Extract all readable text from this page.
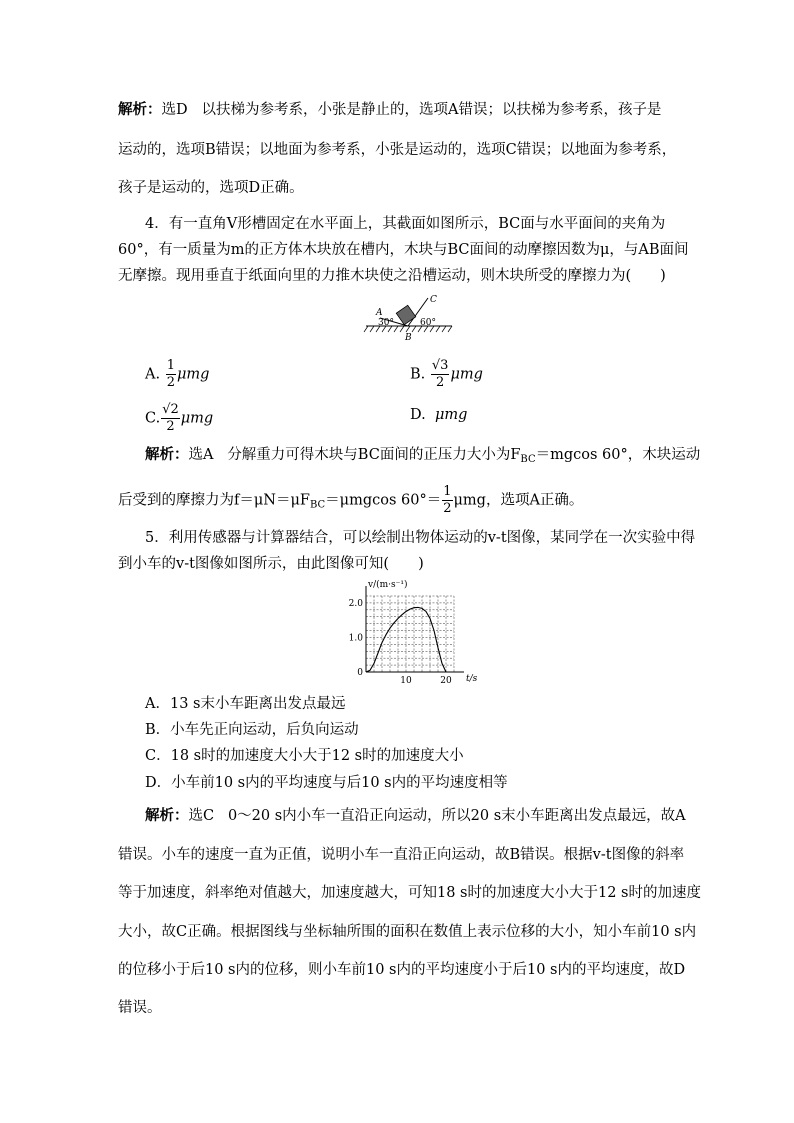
解析：选D 以扶梯为参考系，小张是静止的，选项A错误；以扶梯为参考系，孩子是
运动的，选项B错误；以地面为参考系，小张是运动的，选项C错误；以地面为参考系，
孩子是运动的，选项D正确。
4．有一直角V形槽固定在水平面上，其截面如图所示，BC面与水平面间的夹角为
60°，有一质量为m的正方体木块放在槽内，木块与BC面间的动摩擦因数为μ，与AB面间
无摩擦。现用垂直于纸面向里的力推木块使之沿槽运动，则木块所受的摩擦力为(　　)
A
C
B
30°	60°
A. $\frac{1}{2}$ μmg	B. $\frac{√3}{2}$ μmg
C. $\frac{√2}{2}$ μmg	D. μmg
解析：选A 分解重力可得木块与BC面间的正压力大小为$F_{BC}=mgcos$ 60°，木块运动
后受到的摩擦力为$f=\mu N=\mu F_{BC}=\mu mgcos$ $60^\circ= \frac{1}{2}$ μmg，选项A正确。
5．利用传感器与计算器结合，可以绘制出物体运动的v-t图像，某同学在一次实验中得
到小车的v-t图像如图所示，由此图像可知(　　)
v/(m·s⁻¹)
t/s
2.0
1.0
0
10	20
A．13 s末小车距离出发点最远
B．小车先正向运动，后负向运动
C．18 s时的加速度大小大于12 s时的加速度大小
D．小车前10 s内的平均速度与后10 s内的平均速度相等
解析：选C 0～20 s内小车一直沿正向运动，所以20 s末小车距离出发点最远，故A
错误。小车的速度一直为正值，说明小车一直沿正向运动，故B错误。根据v-t图像的斜率
等于加速度，斜率绝对值越大，加速度越大，可知18 s时的加速度大小大于12 s时的加速度
大小，故C正确。根据图线与坐标轴所围的面积在数值上表示位移的大小，知小车前10 s内
的位移小于后10 s内的位移，则小车前10 s内的平均速度小于后10 s内的平均速度，故D
错误。
